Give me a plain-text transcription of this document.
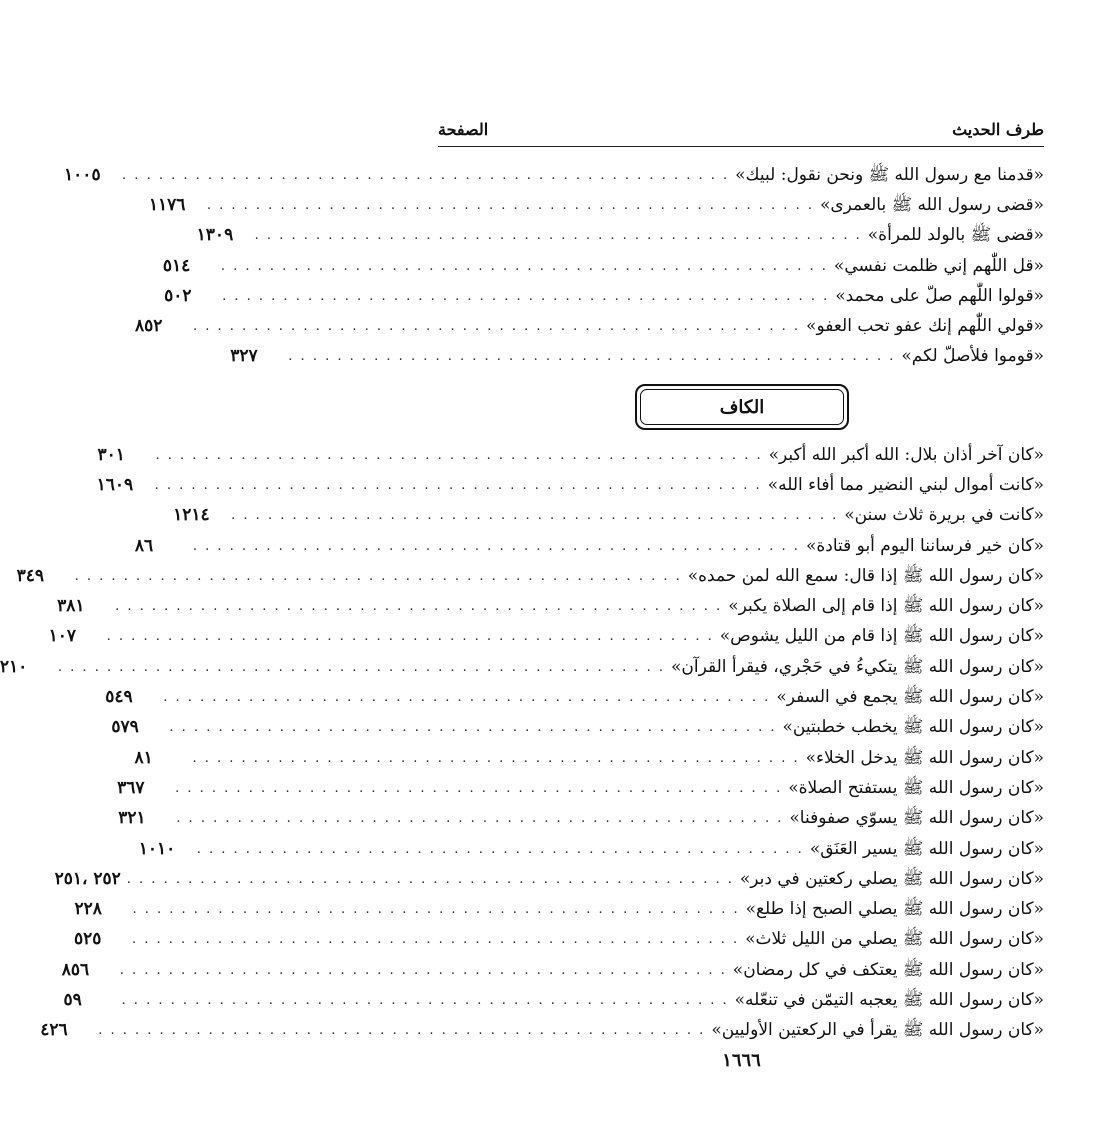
طرف الحديث
الصفحة
«قدمنا مع رسول الله ﷺ ونحن نقول: لبيك»
. . . . . . . . . . . . . . . . . . . . . . . . . . . . . . . . . . . . . . . . . . . . . . . . . .
١٠٠٥
«قضى رسول الله ﷺ بالعمرى»
. . . . . . . . . . . . . . . . . . . . . . . . . . . . . . . . . . . . . . . . . . . . . . . . . .
١١٧٦
«قضى ﷺ بالولد للمرأة»
. . . . . . . . . . . . . . . . . . . . . . . . . . . . . . . . . . . . . . . . . . . . . . . . . .
١٣٠٩
«قل اللّٰهم إني ظلمت نفسي»
. . . . . . . . . . . . . . . . . . . . . . . . . . . . . . . . . . . . . . . . . . . . . . . . . .
٥١٤
«قولوا اللّٰهم صلّ على محمد»
. . . . . . . . . . . . . . . . . . . . . . . . . . . . . . . . . . . . . . . . . . . . . . . . . .
٥٠٢
«قولي اللّٰهم إنك عفو تحب العفو»
. . . . . . . . . . . . . . . . . . . . . . . . . . . . . . . . . . . . . . . . . . . . . . . . . .
٨٥٢
«قوموا فلأصلّ لكم»
. . . . . . . . . . . . . . . . . . . . . . . . . . . . . . . . . . . . . . . . . . . . . . . . . .
٣٢٧
الكاف
«كان آخر أذان بلال: الله أكبر الله أكبر»
. . . . . . . . . . . . . . . . . . . . . . . . . . . . . . . . . . . . . . . . . . . . . . . . . .
٣٠١
«كانت أموال لبني النضير مما أفاء الله»
. . . . . . . . . . . . . . . . . . . . . . . . . . . . . . . . . . . . . . . . . . . . . . . . . .
١٦٠٩
«كانت في بريرة ثلاث سنن»
. . . . . . . . . . . . . . . . . . . . . . . . . . . . . . . . . . . . . . . . . . . . . . . . . .
١٢١٤
«كان خير فرساننا اليوم أبو قتادة»
. . . . . . . . . . . . . . . . . . . . . . . . . . . . . . . . . . . . . . . . . . . . . . . . . .
٨٦
«كان رسول الله ﷺ إذا قال: سمع الله لمن حمده»
. . . . . . . . . . . . . . . . . . . . . . . . . . . . . . . . . . . . . . . . . . . . . . . . . .
٣٤٩
«كان رسول الله ﷺ إذا قام إلى الصلاة يكبر»
. . . . . . . . . . . . . . . . . . . . . . . . . . . . . . . . . . . . . . . . . . . . . . . . . .
٣٨١
«كان رسول الله ﷺ إذا قام من الليل يشوص»
. . . . . . . . . . . . . . . . . . . . . . . . . . . . . . . . . . . . . . . . . . . . . . . . . .
١٠٧
«كان رسول الله ﷺ يتكيءُ في حَجْري، فيقرأ القرآن»
. . . . . . . . . . . . . . . . . . . . . . . . . . . . . . . . . . . . . . . . . . . . . . . . . .
٢١٠
«كان رسول الله ﷺ يجمع في السفر»
. . . . . . . . . . . . . . . . . . . . . . . . . . . . . . . . . . . . . . . . . . . . . . . . . .
٥٤٩
«كان رسول الله ﷺ يخطب خطبتين»
. . . . . . . . . . . . . . . . . . . . . . . . . . . . . . . . . . . . . . . . . . . . . . . . . .
٥٧٩
«كان رسول الله ﷺ يدخل الخلاء»
. . . . . . . . . . . . . . . . . . . . . . . . . . . . . . . . . . . . . . . . . . . . . . . . . .
٨١
«كان رسول الله ﷺ يستفتح الصلاة»
. . . . . . . . . . . . . . . . . . . . . . . . . . . . . . . . . . . . . . . . . . . . . . . . . .
٣٦٧
«كان رسول الله ﷺ يسوّي صفوفنا»
. . . . . . . . . . . . . . . . . . . . . . . . . . . . . . . . . . . . . . . . . . . . . . . . . .
٣٢١
«كان رسول الله ﷺ يسير العَنَق»
. . . . . . . . . . . . . . . . . . . . . . . . . . . . . . . . . . . . . . . . . . . . . . . . . .
١٠١٠
«كان رسول الله ﷺ يصلي ركعتين في دبر»
. . . . . . . . . . . . . . . . . . . . . . . . . . . . . . . . . . . . . . . . . . . . . . . . . .
٢٥٢ ،٢٥١
«كان رسول الله ﷺ يصلي الصبح إذا طلع»
. . . . . . . . . . . . . . . . . . . . . . . . . . . . . . . . . . . . . . . . . . . . . . . . . .
٢٢٨
«كان رسول الله ﷺ يصلي من الليل ثلاث»
. . . . . . . . . . . . . . . . . . . . . . . . . . . . . . . . . . . . . . . . . . . . . . . . . .
٥٢٥
«كان رسول الله ﷺ يعتكف في كل رمضان»
. . . . . . . . . . . . . . . . . . . . . . . . . . . . . . . . . . . . . . . . . . . . . . . . . .
٨٥٦
«كان رسول الله ﷺ يعجبه التيمّن في تنعّله»
. . . . . . . . . . . . . . . . . . . . . . . . . . . . . . . . . . . . . . . . . . . . . . . . . .
٥٩
«كان رسول الله ﷺ يقرأ في الركعتين الأوليين»
. . . . . . . . . . . . . . . . . . . . . . . . . . . . . . . . . . . . . . . . . . . . . . . . . .
٤٢٦
١٦٦٦
